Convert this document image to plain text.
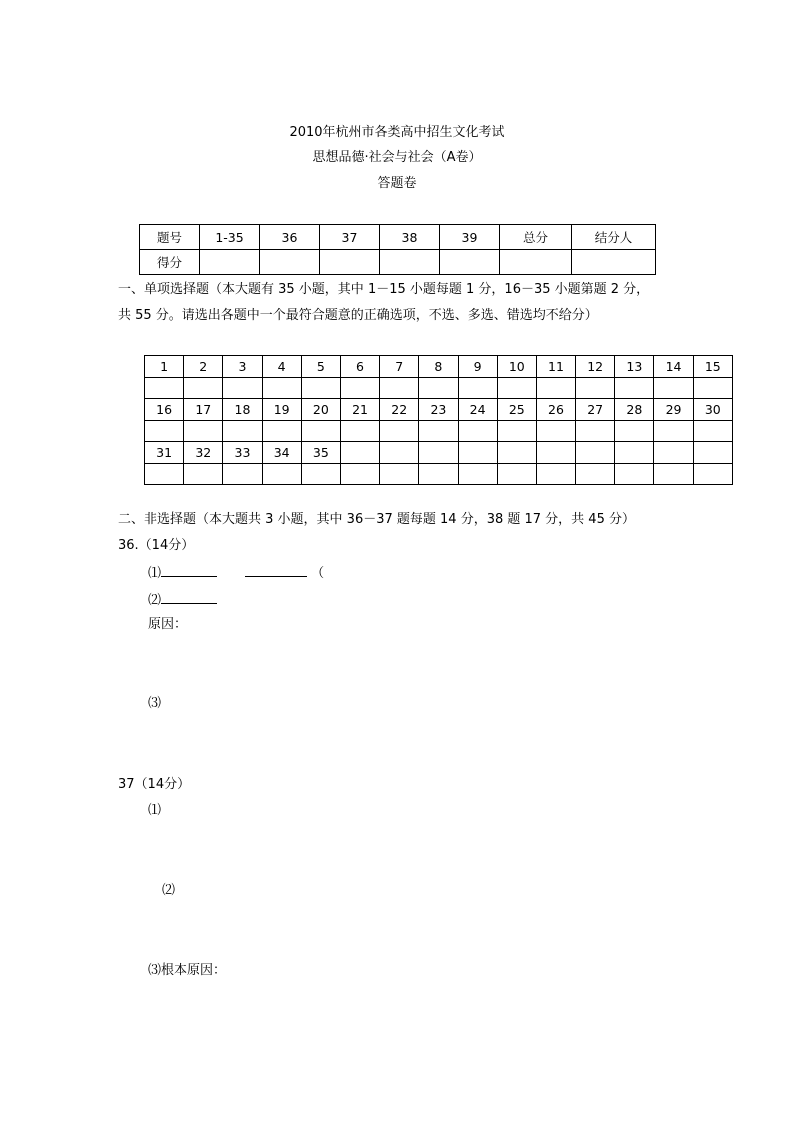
2010年杭州市各类高中招生文化考试
思想品德·社会与社会（A卷）
答题卷
题号	1-35	36	37	38	39	总分	结分人
得分							
一、单项选择题（本大题有 35 小题，其中 1－15 小题每题 1 分，16－35 小题第题 2 分，
共 55 分。请选出各题中一个最符合题意的正确选项，不选、多选、错选均不给分）
1	2	3	4	5	6	7	8	9	10	11	12	13	14	15

16	17	18	19	20	21	22	23	24	25	26	27	28	29	30

31	32	33	34	35										

二、非选择题（本大题共 3 小题，其中 36－37 题每题 14 分，38 题 17 分，共 45 分）
36.（14分）
⑴	（
⑵
原因：
⑶
37（14分）
⑴
⑵
⑶根本原因：
